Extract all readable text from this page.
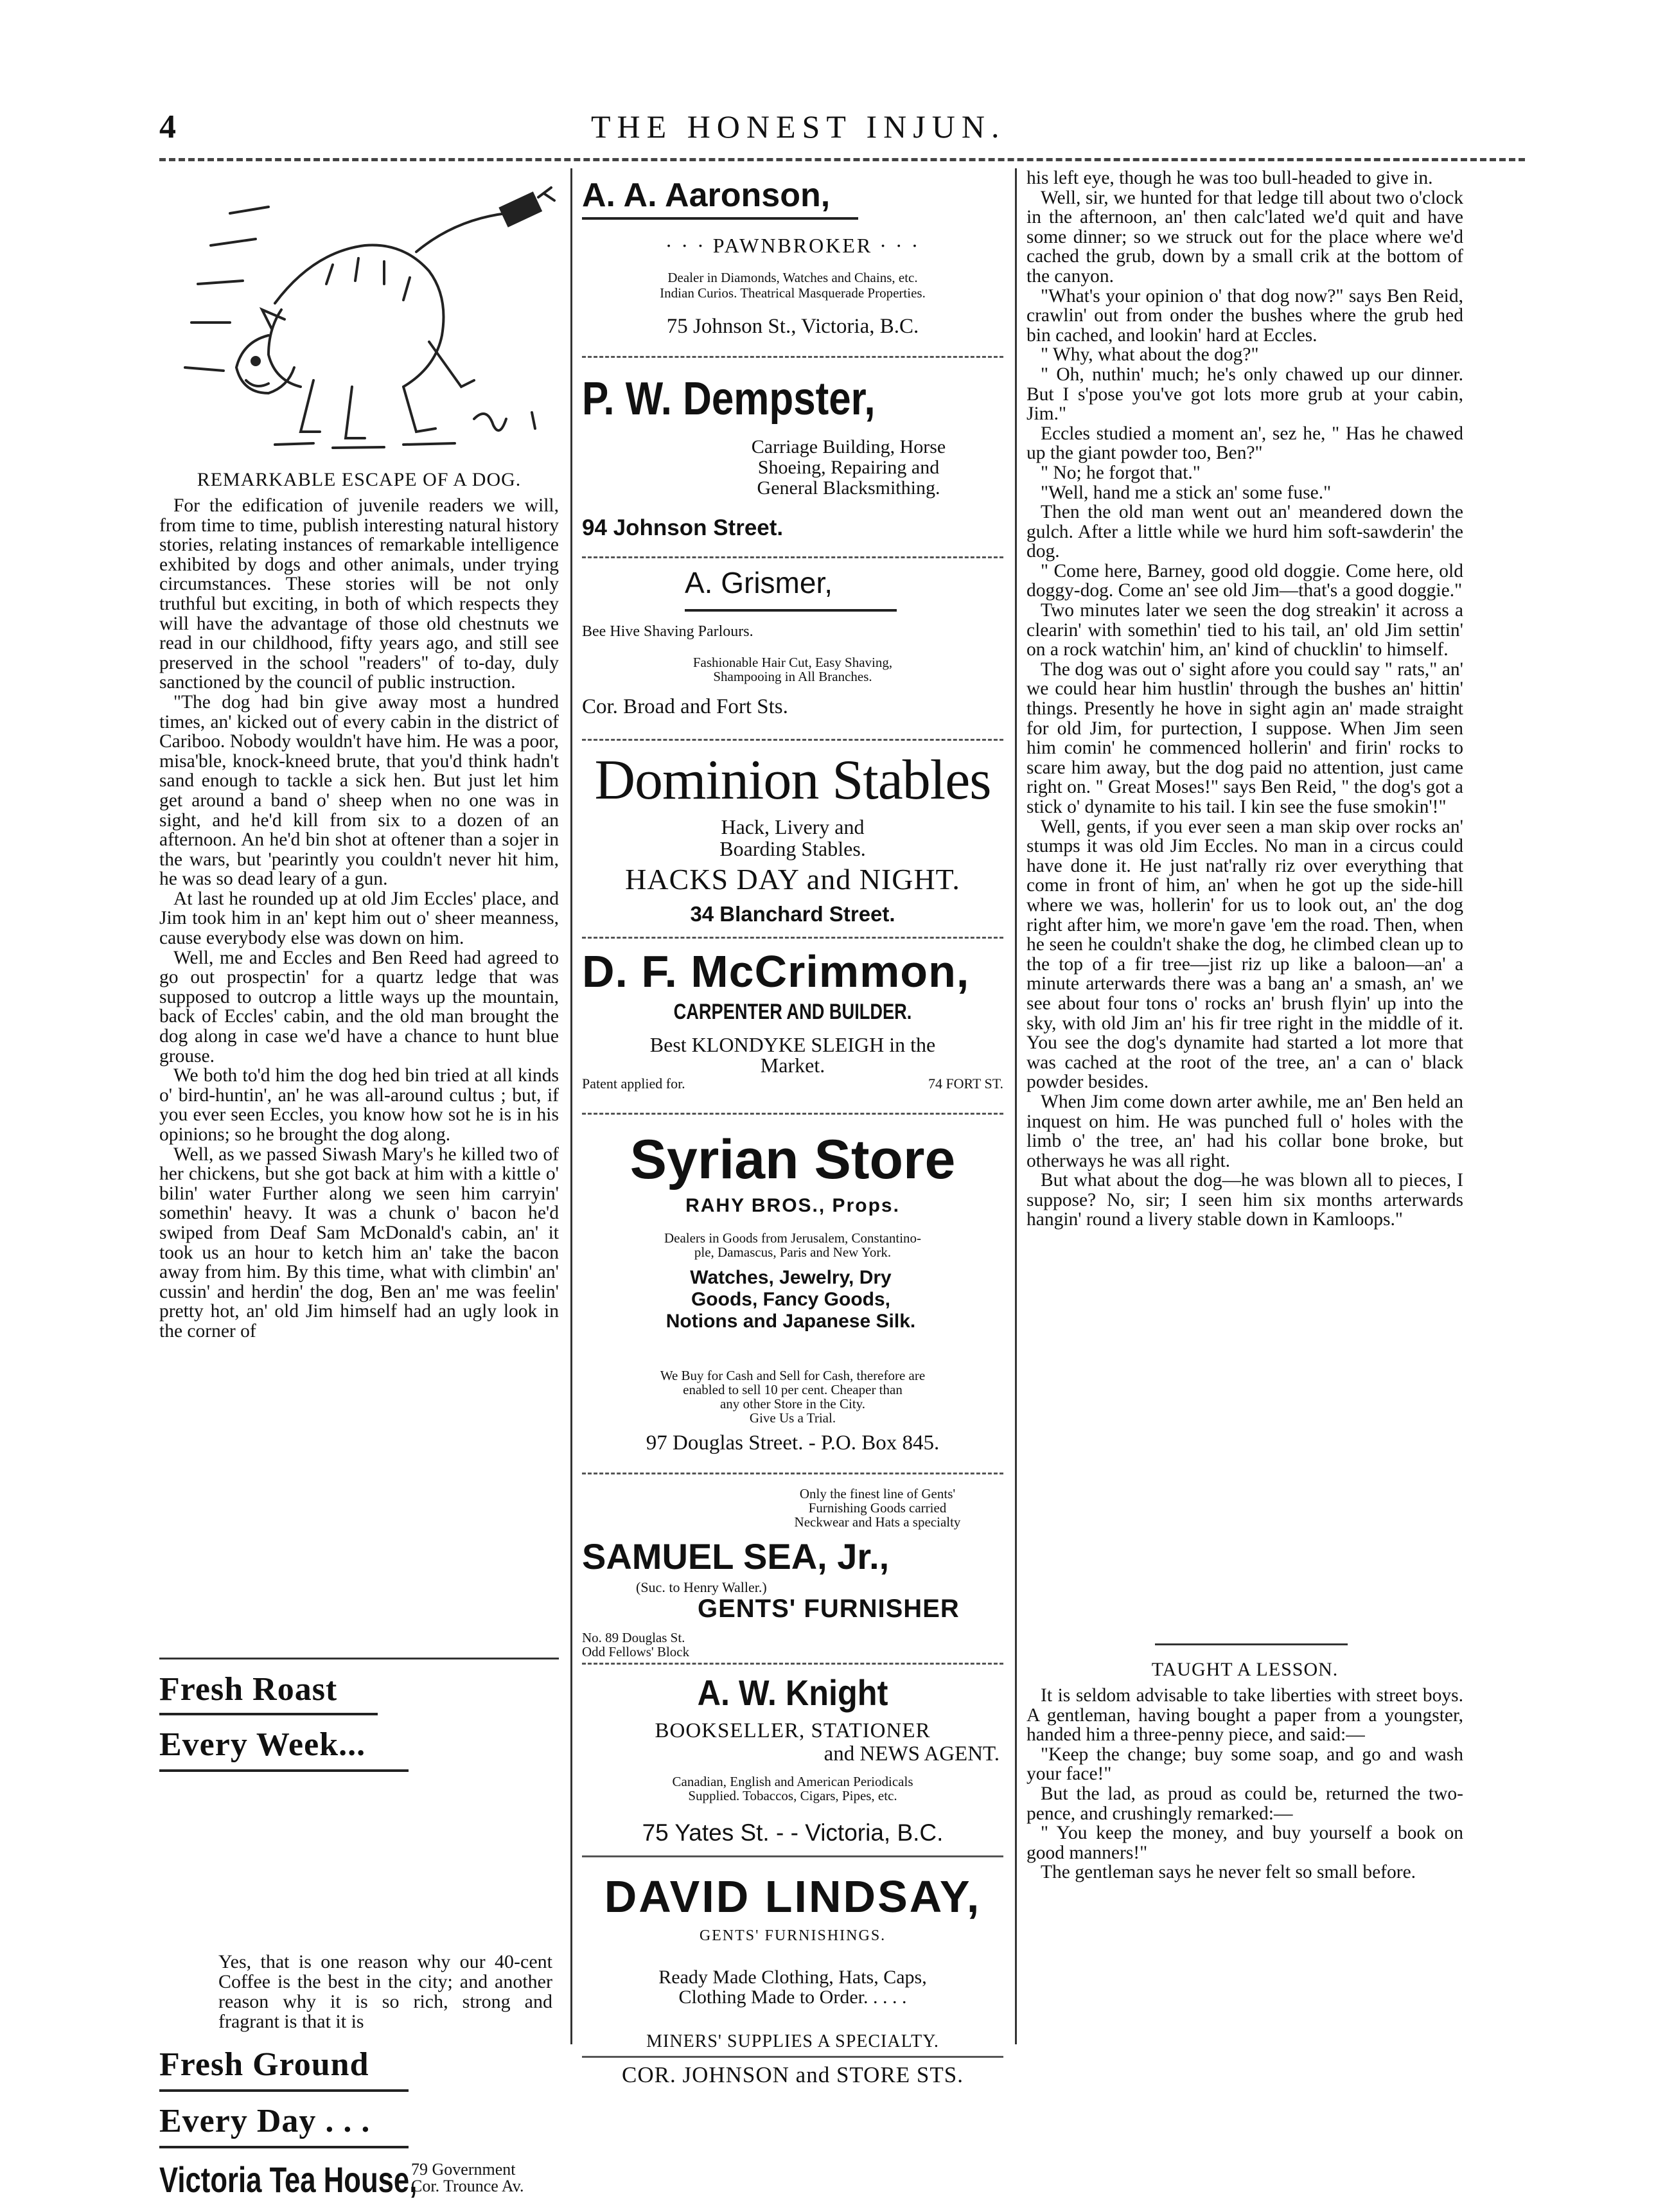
4	THE HONEST INJUN.
REMARKABLE ESCAPE OF A DOG.

For the edification of juvenile readers we will, from time to time, publish interesting natural history stories, relating instances of remarkable intelligence exhibited by dogs and other animals, under trying circumstances. These stories will be not only truthful but exciting, in both of which respects they will have the advantage of those old chestnuts we read in our childhood, fifty years ago, and still see preserved in the school "readers" of to-day, duly sanctioned by the council of public instruction.

"The dog had bin give away most a hundred times, an' kicked out of every cabin in the district of Cariboo. Nobody wouldn't have him. He was a poor, misa'ble, knock-kneed brute, that you'd think hadn't sand enough to tackle a sick hen. But just let him get around a band o' sheep when no one was in sight, and he'd kill from six to a dozen of an afternoon. An he'd bin shot at oftener than a sojer in the wars, but 'pearintly you couldn't never hit him, he was so dead leary of a gun.

At last he rounded up at old Jim Eccles' place, and Jim took him in an' kept him out o' sheer meanness, cause everybody else was down on him.

Well, me and Eccles and Ben Reed had agreed to go out prospectin' for a quartz ledge that was supposed to outcrop a little ways up the mountain, back of Eccles' cabin, and the old man brought the dog along in case we'd have a chance to hunt blue grouse.

We both to'd him the dog hed bin tried at all kinds o' bird-huntin', an' he was all-around cultus ; but, if you ever seen Eccles, you know how sot he is in his opinions; so he brought the dog along.

Well, as we passed Siwash Mary's he killed two of her chickens, but she got back at him with a kittle o' bilin' water Further along we seen him carryin' somethin' heavy. It was a chunk o' bacon he'd swiped from Deaf Sam McDonald's cabin, an' it took us an hour to ketch him an' take the bacon away from him. By this time, what with climbin' an' cussin' and herdin' the dog, Ben an' me was feelin' pretty hot, an' old Jim himself had an ugly look in the corner of

Fresh Roast
Every Week...
Yes, that is one reason why our 40-cent Coffee is the best in the city; and another reason why it is so rich, strong and fragrant is that it is
Fresh Ground
Every Day . . .
Victoria Tea House,
79 Government
Cor. Trounce Av.
A. A. Aaronson,
· · · PAWNBROKER · · ·
Dealer in Diamonds, Watches and Chains, etc.
Indian Curios. Theatrical Masquerade Properties.
75 Johnson St., Victoria, B.C.
P. W. Dempster,
Carriage Building, Horse
Shoeing, Repairing and
General Blacksmithing.
94 Johnson Street.
A. Grismer,
Bee Hive Shaving Parlours.
Fashionable Hair Cut, Easy Shaving,
Shampooing in All Branches.
Cor. Broad and Fort Sts.
Dominion Stables
Hack, Livery and
Boarding Stables.
HACKS DAY and NIGHT.
34 Blanchard Street.
D. F. McCrimmon,
CARPENTER AND BUILDER.
Best KLONDYKE SLEIGH in the
Market.
Patent applied for.	74 FORT ST.
Syrian Store
RAHY BROS., Props.
Dealers in Goods from Jerusalem, Constantino-
ple, Damascus, Paris and New York.
Watches, Jewelry, Dry
Goods, Fancy Goods,
Notions and Japanese Silk.
We Buy for Cash and Sell for Cash, therefore are
enabled to sell 10 per cent. Cheaper than
any other Store in the City.
Give Us a Trial.
97 Douglas Street. - P.O. Box 845.
Only the finest line of Gents'
Furnishing Goods carried
Neckwear and Hats a specialty
SAMUEL SEA, Jr.,
(Suc. to Henry Waller.)
GENTS' FURNISHER
No. 89 Douglas St.
Odd Fellows' Block
A. W. Knight
BOOKSELLER, STATIONER
and NEWS AGENT.
Canadian, English and American Periodicals
Supplied. Tobaccos, Cigars, Pipes, etc.
75 Yates St. - - Victoria, B.C.
DAVID LINDSAY,
GENTS' FURNISHINGS.
Ready Made Clothing, Hats, Caps,
Clothing Made to Order. . . . .
MINERS' SUPPLIES A SPECIALTY.
COR. JOHNSON and STORE STS.

his left eye, though he was too bull-headed to give in.

Well, sir, we hunted for that ledge till about two o'clock in the afternoon, an' then calc'lated we'd quit and have some dinner; so we struck out for the place where we'd cached the grub, down by a small crik at the bottom of the canyon.

"What's your opinion o' that dog now?" says Ben Reid, crawlin' out from onder the bushes where the grub hed bin cached, and lookin' hard at Eccles.

" Why, what about the dog?"

" Oh, nuthin' much; he's only chawed up our dinner. But I s'pose you've got lots more grub at your cabin, Jim."

Eccles studied a moment an', sez he, " Has he chawed up the giant powder too, Ben?"

" No; he forgot that."

"Well, hand me a stick an' some fuse."

Then the old man went out an' meandered down the gulch. After a little while we hurd him soft-sawderin' the dog.

" Come here, Barney, good old doggie. Come here, old doggy-dog. Come an' see old Jim—that's a good doggie."

Two minutes later we seen the dog streakin' it across a clearin' with somethin' tied to his tail, an' old Jim settin' on a rock watchin' him, an' kind of chucklin' to himself.

The dog was out o' sight afore you could say " rats," an' we could hear him hustlin' through the bushes an' hittin' things. Presently he hove in sight agin an' made straight for old Jim, for purtection, I suppose. When Jim seen him comin' he commenced hollerin' and firin' rocks to scare him away, but the dog paid no attention, just came right on. " Great Moses!" says Ben Reid, " the dog's got a stick o' dynamite to his tail. I kin see the fuse smokin'!"

Well, gents, if you ever seen a man skip over rocks an' stumps it was old Jim Eccles. No man in a circus could have done it. He just nat'rally riz over everything that come in front of him, an' when he got up the side-hill where we was, hollerin' for us to look out, an' the dog right after him, we more'n gave 'em the road. Then, when he seen he couldn't shake the dog, he climbed clean up to the top of a fir tree—jist riz up like a baloon—an' a minute arterwards there was a bang an' a smash, an' we see about four tons o' rocks an' brush flyin' up into the sky, with old Jim an' his fir tree right in the middle of it. You see the dog's dynamite had started a lot more that was cached at the root of the tree, an' a can o' black powder besides.

When Jim come down arter awhile, me an' Ben held an inquest on him. He was punched full o' holes with the limb o' the tree, an' had his collar bone broke, but otherways he was all right.

But what about the dog—he was blown all to pieces, I suppose? No, sir; I seen him six months arterwards hangin' round a livery stable down in Kamloops."

TAUGHT A LESSON.

It is seldom advisable to take liberties with street boys. A gentleman, having bought a paper from a youngster, handed him a three-penny piece, and said:—

"Keep the change; buy some soap, and go and wash your face!"

But the lad, as proud as could be, returned the two-pence, and crushingly remarked:—

" You keep the money, and buy yourself a book on good manners!"

The gentleman says he never felt so small before.
